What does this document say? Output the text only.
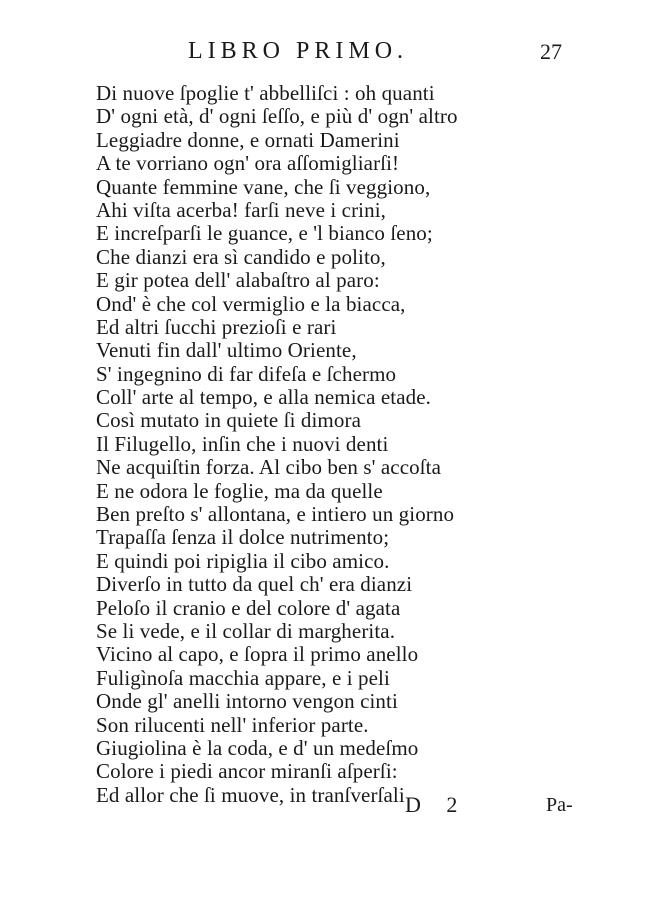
LIBRO PRIMO.	27
Di nuove ſpoglie t' abbelliſci : oh quanti
D' ogni età, d' ogni ſeſſo, e più d' ogn' altro
Leggiadre donne, e ornati Damerini
A te vorriano ogn' ora aſſomigliarſi!
Quante femmine vane, che ſi veggiono,
Ahi viſta acerba! farſi neve i crini,
E increſparſi le guance, e 'l bianco ſeno;
Che dianzi era sì candido e polito,
E gir potea dell' alabaſtro al paro:
Ond' è che col vermiglio e la biacca,
Ed altri ſucchi prezioſi e rari
Venuti fin dall' ultimo Oriente,
S' ingegnino di far difeſa e ſchermo
Coll' arte al tempo, e alla nemica etade.
Così mutato in quiete ſi dimora
Il Filugello, inſin che i nuovi denti
Ne acquiſtin forza. Al cibo ben s' accoſta
E ne odora le foglie, ma da quelle
Ben preſto s' allontana, e intiero un giorno
Trapaſſa ſenza il dolce nutrimento;
E quindi poi ripiglia il cibo amico.
Diverſo in tutto da quel ch' era dianzi
Peloſo il cranio e del colore d' agata
Se li vede, e il collar di margherita.
Vicino al capo, e ſopra il primo anello
Fuligìnoſa macchia appare, e i peli
Onde gl' anelli intorno vengon cinti
Son rilucenti nell' inferior parte.
Giugiolina è la coda, e d' un medeſmo
Colore i piedi ancor miranſi aſperſi:
Ed allor che ſi muove, in tranſverſali D 2	Pa-
